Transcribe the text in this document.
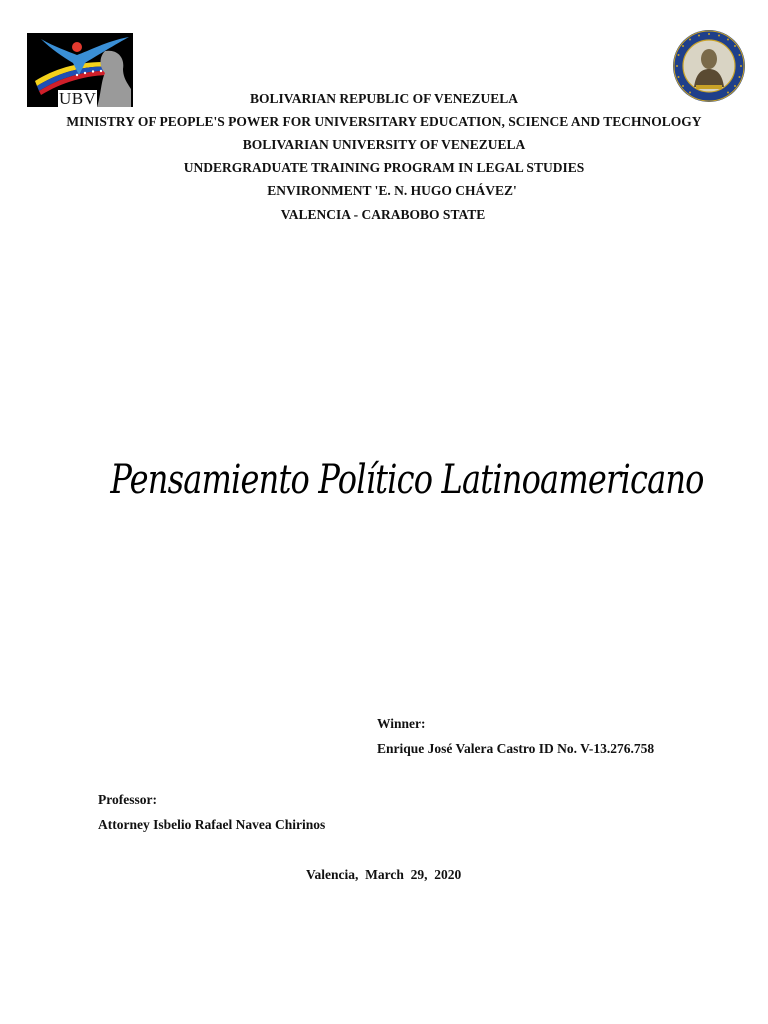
UBV	BOLIVARIAN REPUBLIC OF VENEZUELA
MINISTRY OF PEOPLE'S POWER FOR UNIVERSITARY EDUCATION, SCIENCE AND TECHNOLOGY
BOLIVARIAN UNIVERSITY OF VENEZUELA
UNDERGRADUATE TRAINING PROGRAM IN LEGAL STUDIES
ENVIRONMENT 'E. N. HUGO CHÁVEZ'
VALENCIA - CARABOBO STATE
Pensamiento Político Latinoamericano
Winner:
Enrique José Valera Castro ID No. V-13.276.758
Professor:
Attorney Isbelio Rafael Navea Chirinos
Valencia,  March  29,  2020
